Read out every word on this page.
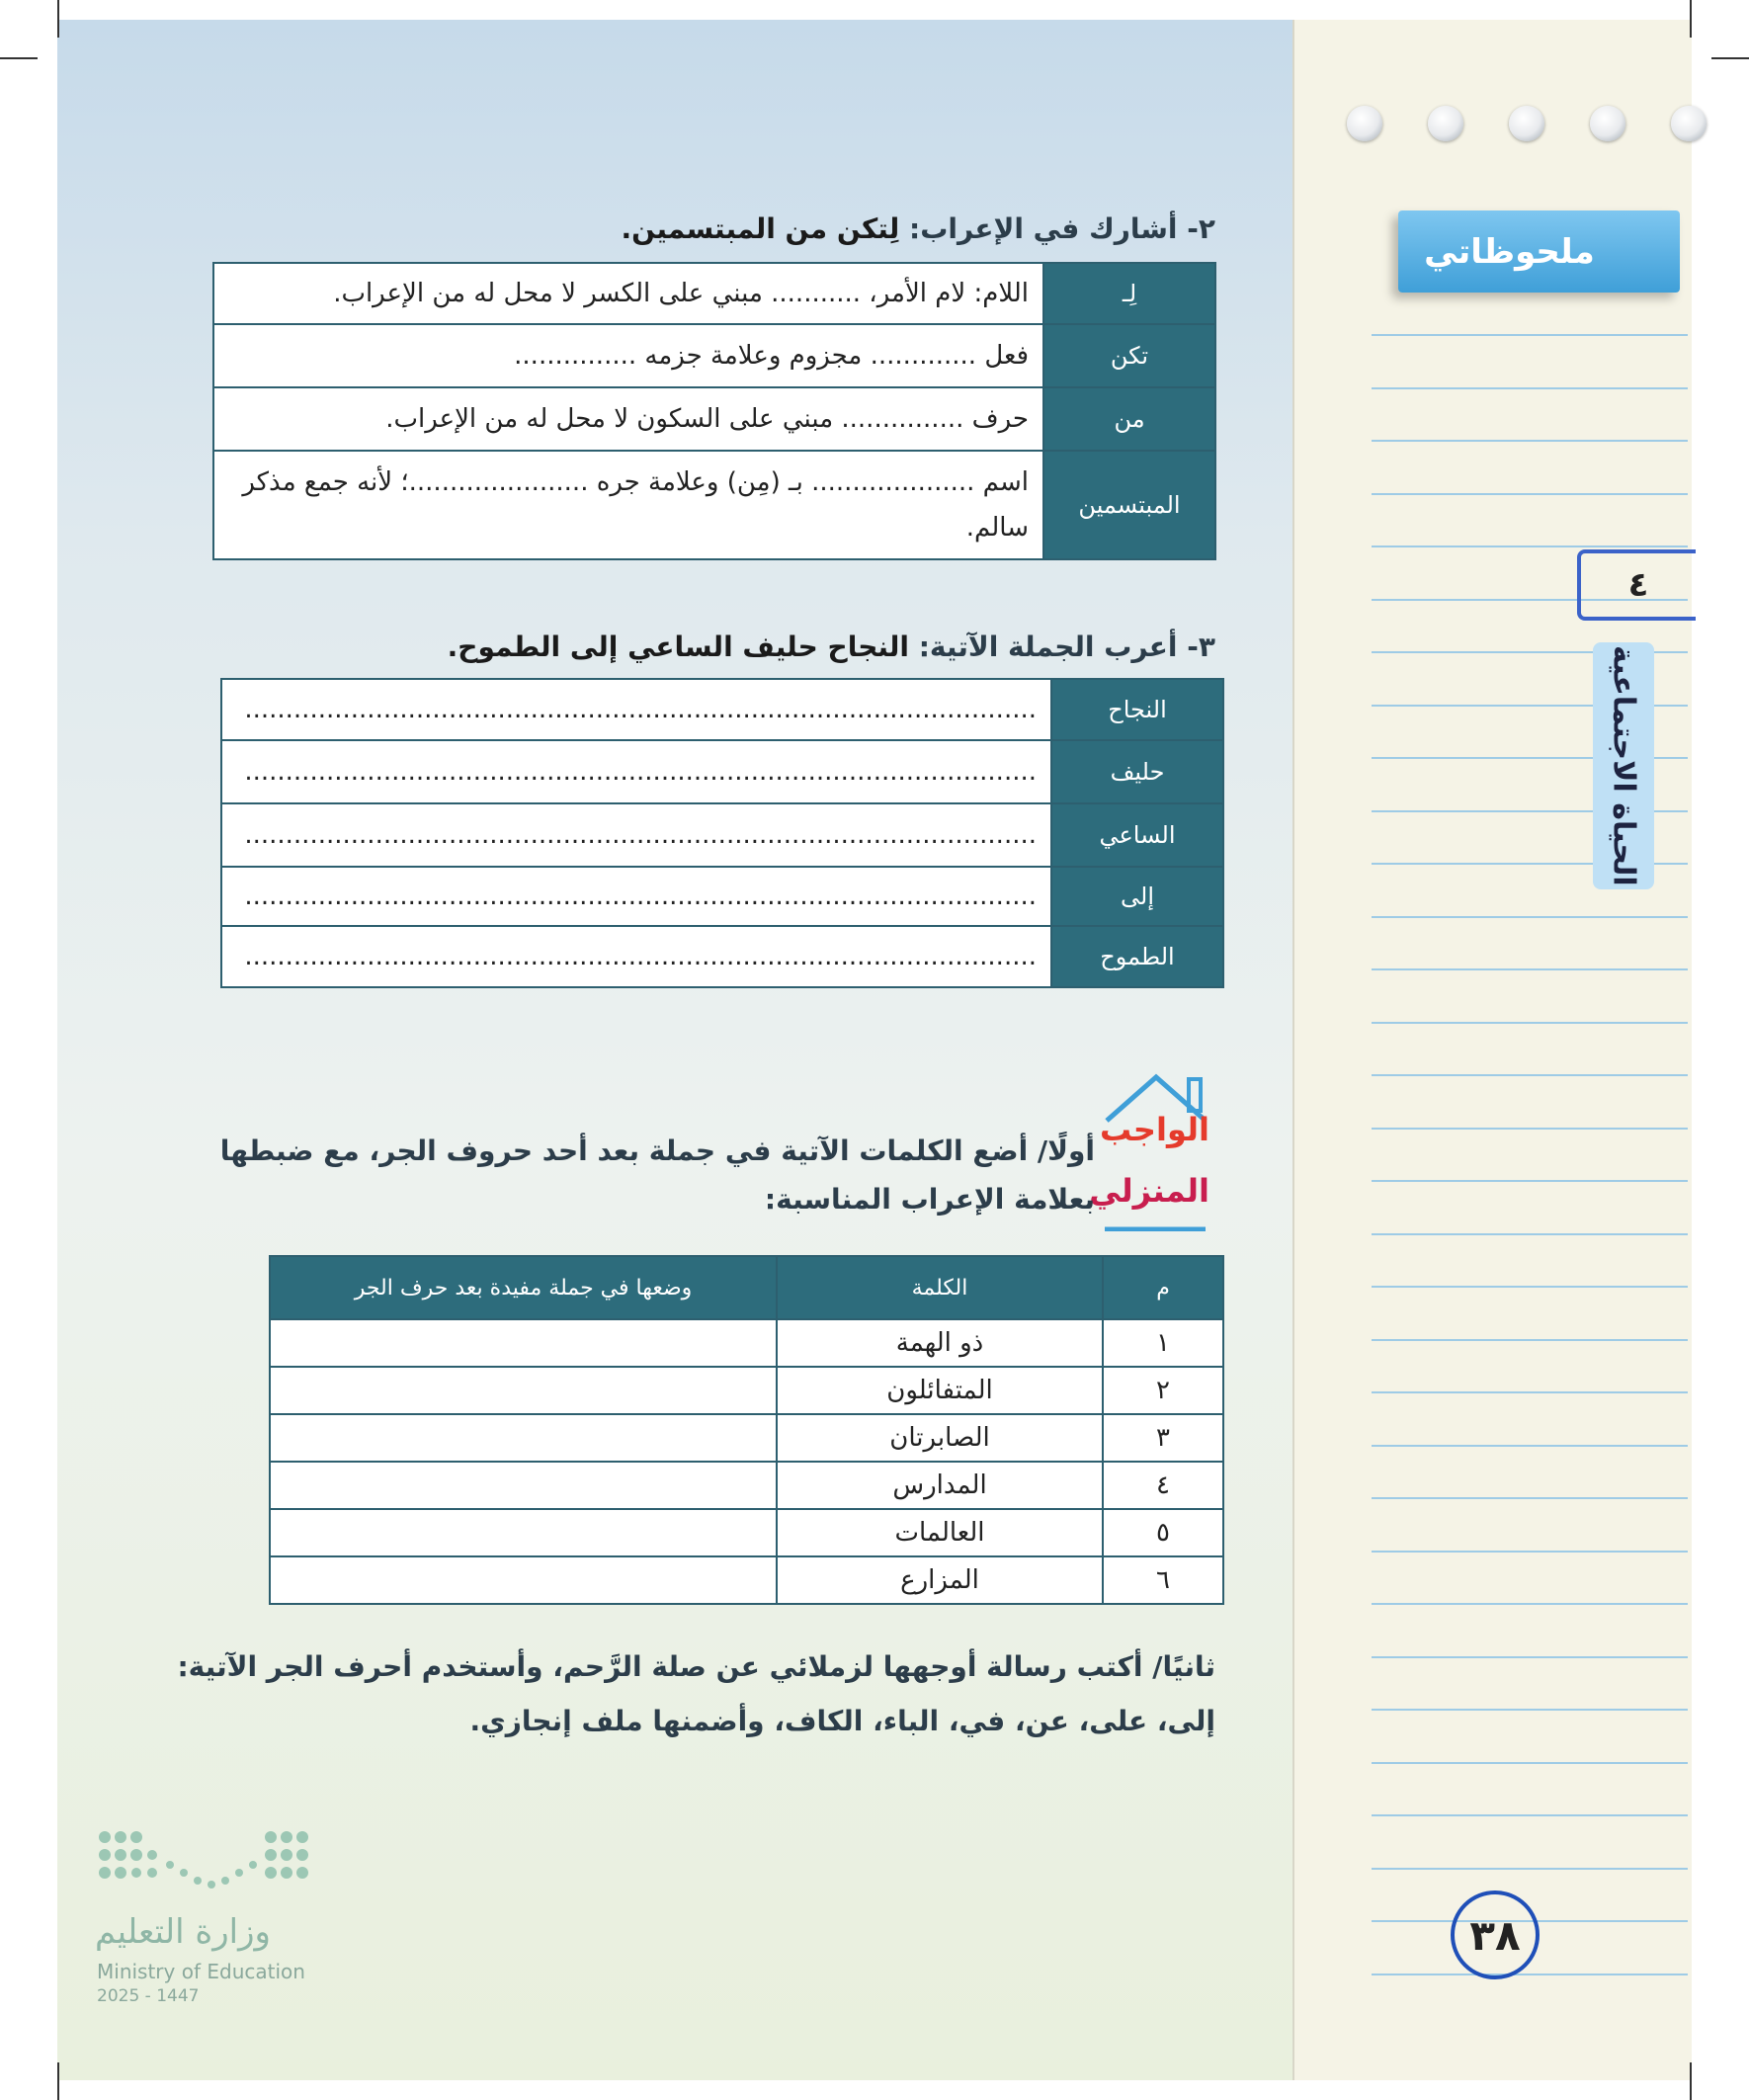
ملحوظاتي
٤
الحياة الاجتماعية
٣٨
٢- أشارك في الإعراب: لِتكن من المبتسمين.
لِـ	اللام: لام الأمر، ........... مبني على الكسر لا محل له من الإعراب.
تكن	فعل ............. مجزوم وعلامة جزمه ...............
من	حرف ............... مبني على السكون لا محل له من الإعراب.
المبتسمين	اسم .................... بـ (مِن) وعلامة جره ......................؛ لأنه جمع مذكر سالم.
٣- أعرب الجملة الآتية: النجاح حليف الساعي إلى الطموح.
النجاح	.................................................................................................
حليف	.................................................................................................
الساعي	.................................................................................................
إلى	.................................................................................................
الطموح	.................................................................................................
الواجب
المنزلي
أولًا/ أضع الكلمات الآتية في جملة بعد أحد حروف الجر، مع ضبطها
بعلامة الإعراب المناسبة:
م	الكلمة	وضعها في جملة مفيدة بعد حرف الجر
١	ذو الهمة	
٢	المتفائلون	
٣	الصابرتان	
٤	المدارس	
٥	العالمات	
٦	المزارع	
ثانيًا/ أكتب رسالة أوجهها لزملائي عن صلة الرَّحم، وأستخدم أحرف الجر الآتية:
إلى، على، عن، في، الباء، الكاف، وأضمنها ملف إنجازي.
وزارة التعليم
Ministry of Education
2025 - 1447
